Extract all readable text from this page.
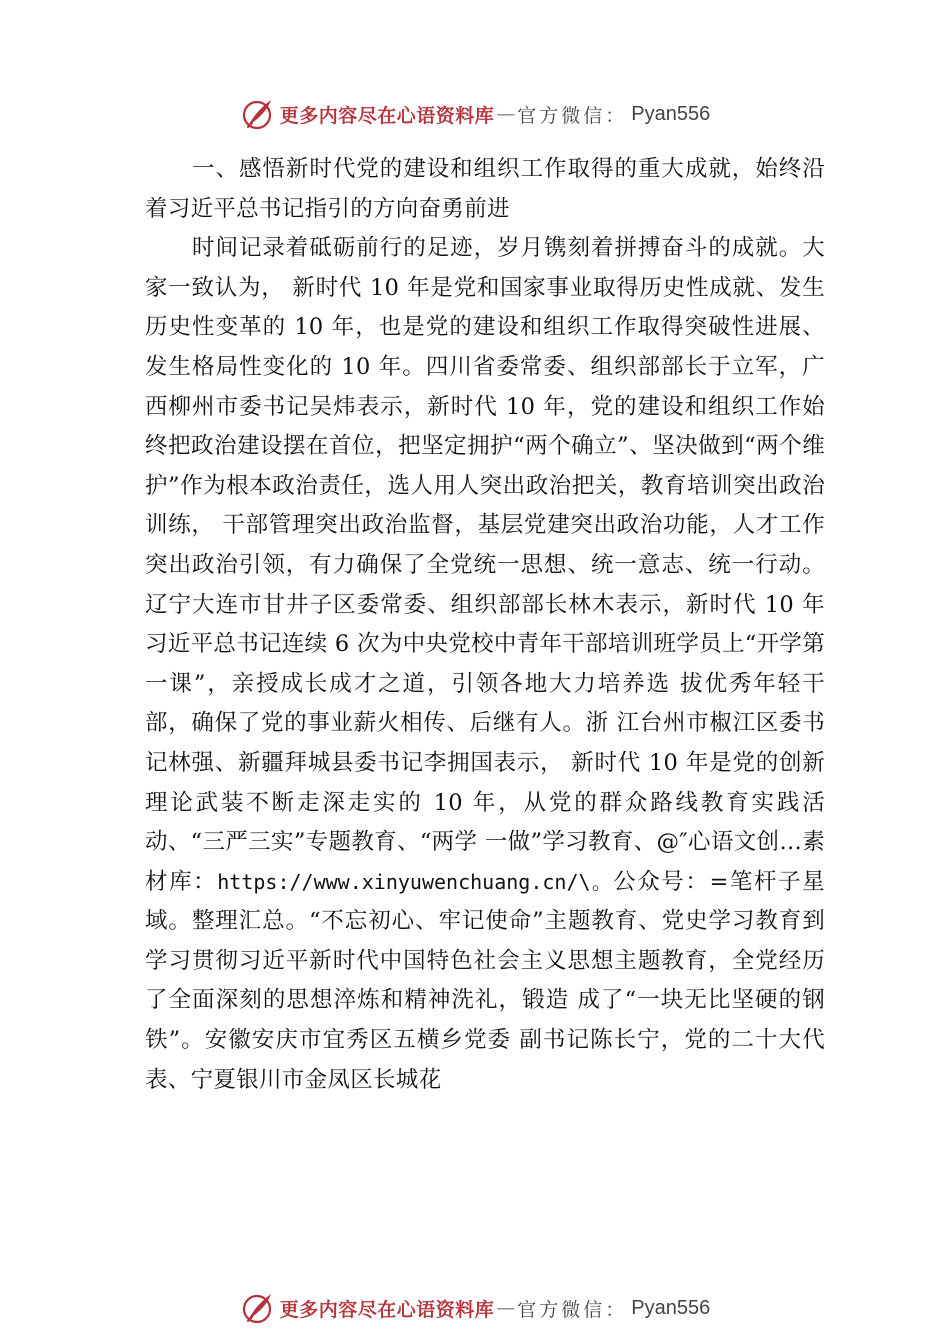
更多内容尽在心语资料库 — 官方微信： Pyan556

一、感悟新时代党的建设和组织工作取得的重大成就，始终沿着习近平总书记指引的方向奋勇前进

时间记录着砥砺前行的足迹，岁月镌刻着拼搏奋斗的成就。大家一致认为， 新时代 10 年是党和国家事业取得历史性成就、发生历史性变革的 10 年，也是党的建设和组织工作取得突破性进展、发生格局性变化的 10 年。四川省委常委、组织部部长于立军，广西柳州市委书记吴炜表示，新时代 10 年，党的建设和组织工作始终把政治建设摆在首位，把坚定拥护“两个确立”、坚决做到“两个维护”作为根本政治责任，选人用人突出政治把关，教育培训突出政治训练， 干部管理突出政治监督，基层党建突出政治功能，人才工作突出政治引领，有力确保了全党统一思想、统一意志、统一行动。辽宁大连市甘井子区委常委、组织部部长林木表示，新时代 10 年习近平总书记连续 6 次为中央党校中青年干部培训班学员上“开学第一课”，亲授成长成才之道，引领各地大力培养选 拔优秀年轻干部，确保了党的事业薪火相传、后继有人。浙 江台州市椒江区委书记林强、新疆拜城县委书记李拥国表示， 新时代 10 年是党的创新理论武装不断走深走实的 10 年，从党的群众路线教育实践活动、“三严三实”专题教育、“两学 一做”学习教育、@″心语文创…素材库：https://www.xinyuwenchuang.cn/\。公众号：=笔杆子星域。整理汇总。“不忘初心、牢记使命”主题教育、党史学习教育到学习贯彻习近平新时代中国特色社会主义思想主题教育，全党经历了全面深刻的思想淬炼和精神洗礼，锻造 成了“一块无比坚硬的钢铁”。安徽安庆市宜秀区五横乡党委 副书记陈长宁，党的二十大代表、宁夏银川市金凤区长城花

更多内容尽在心语资料库 — 官方微信： Pyan556
